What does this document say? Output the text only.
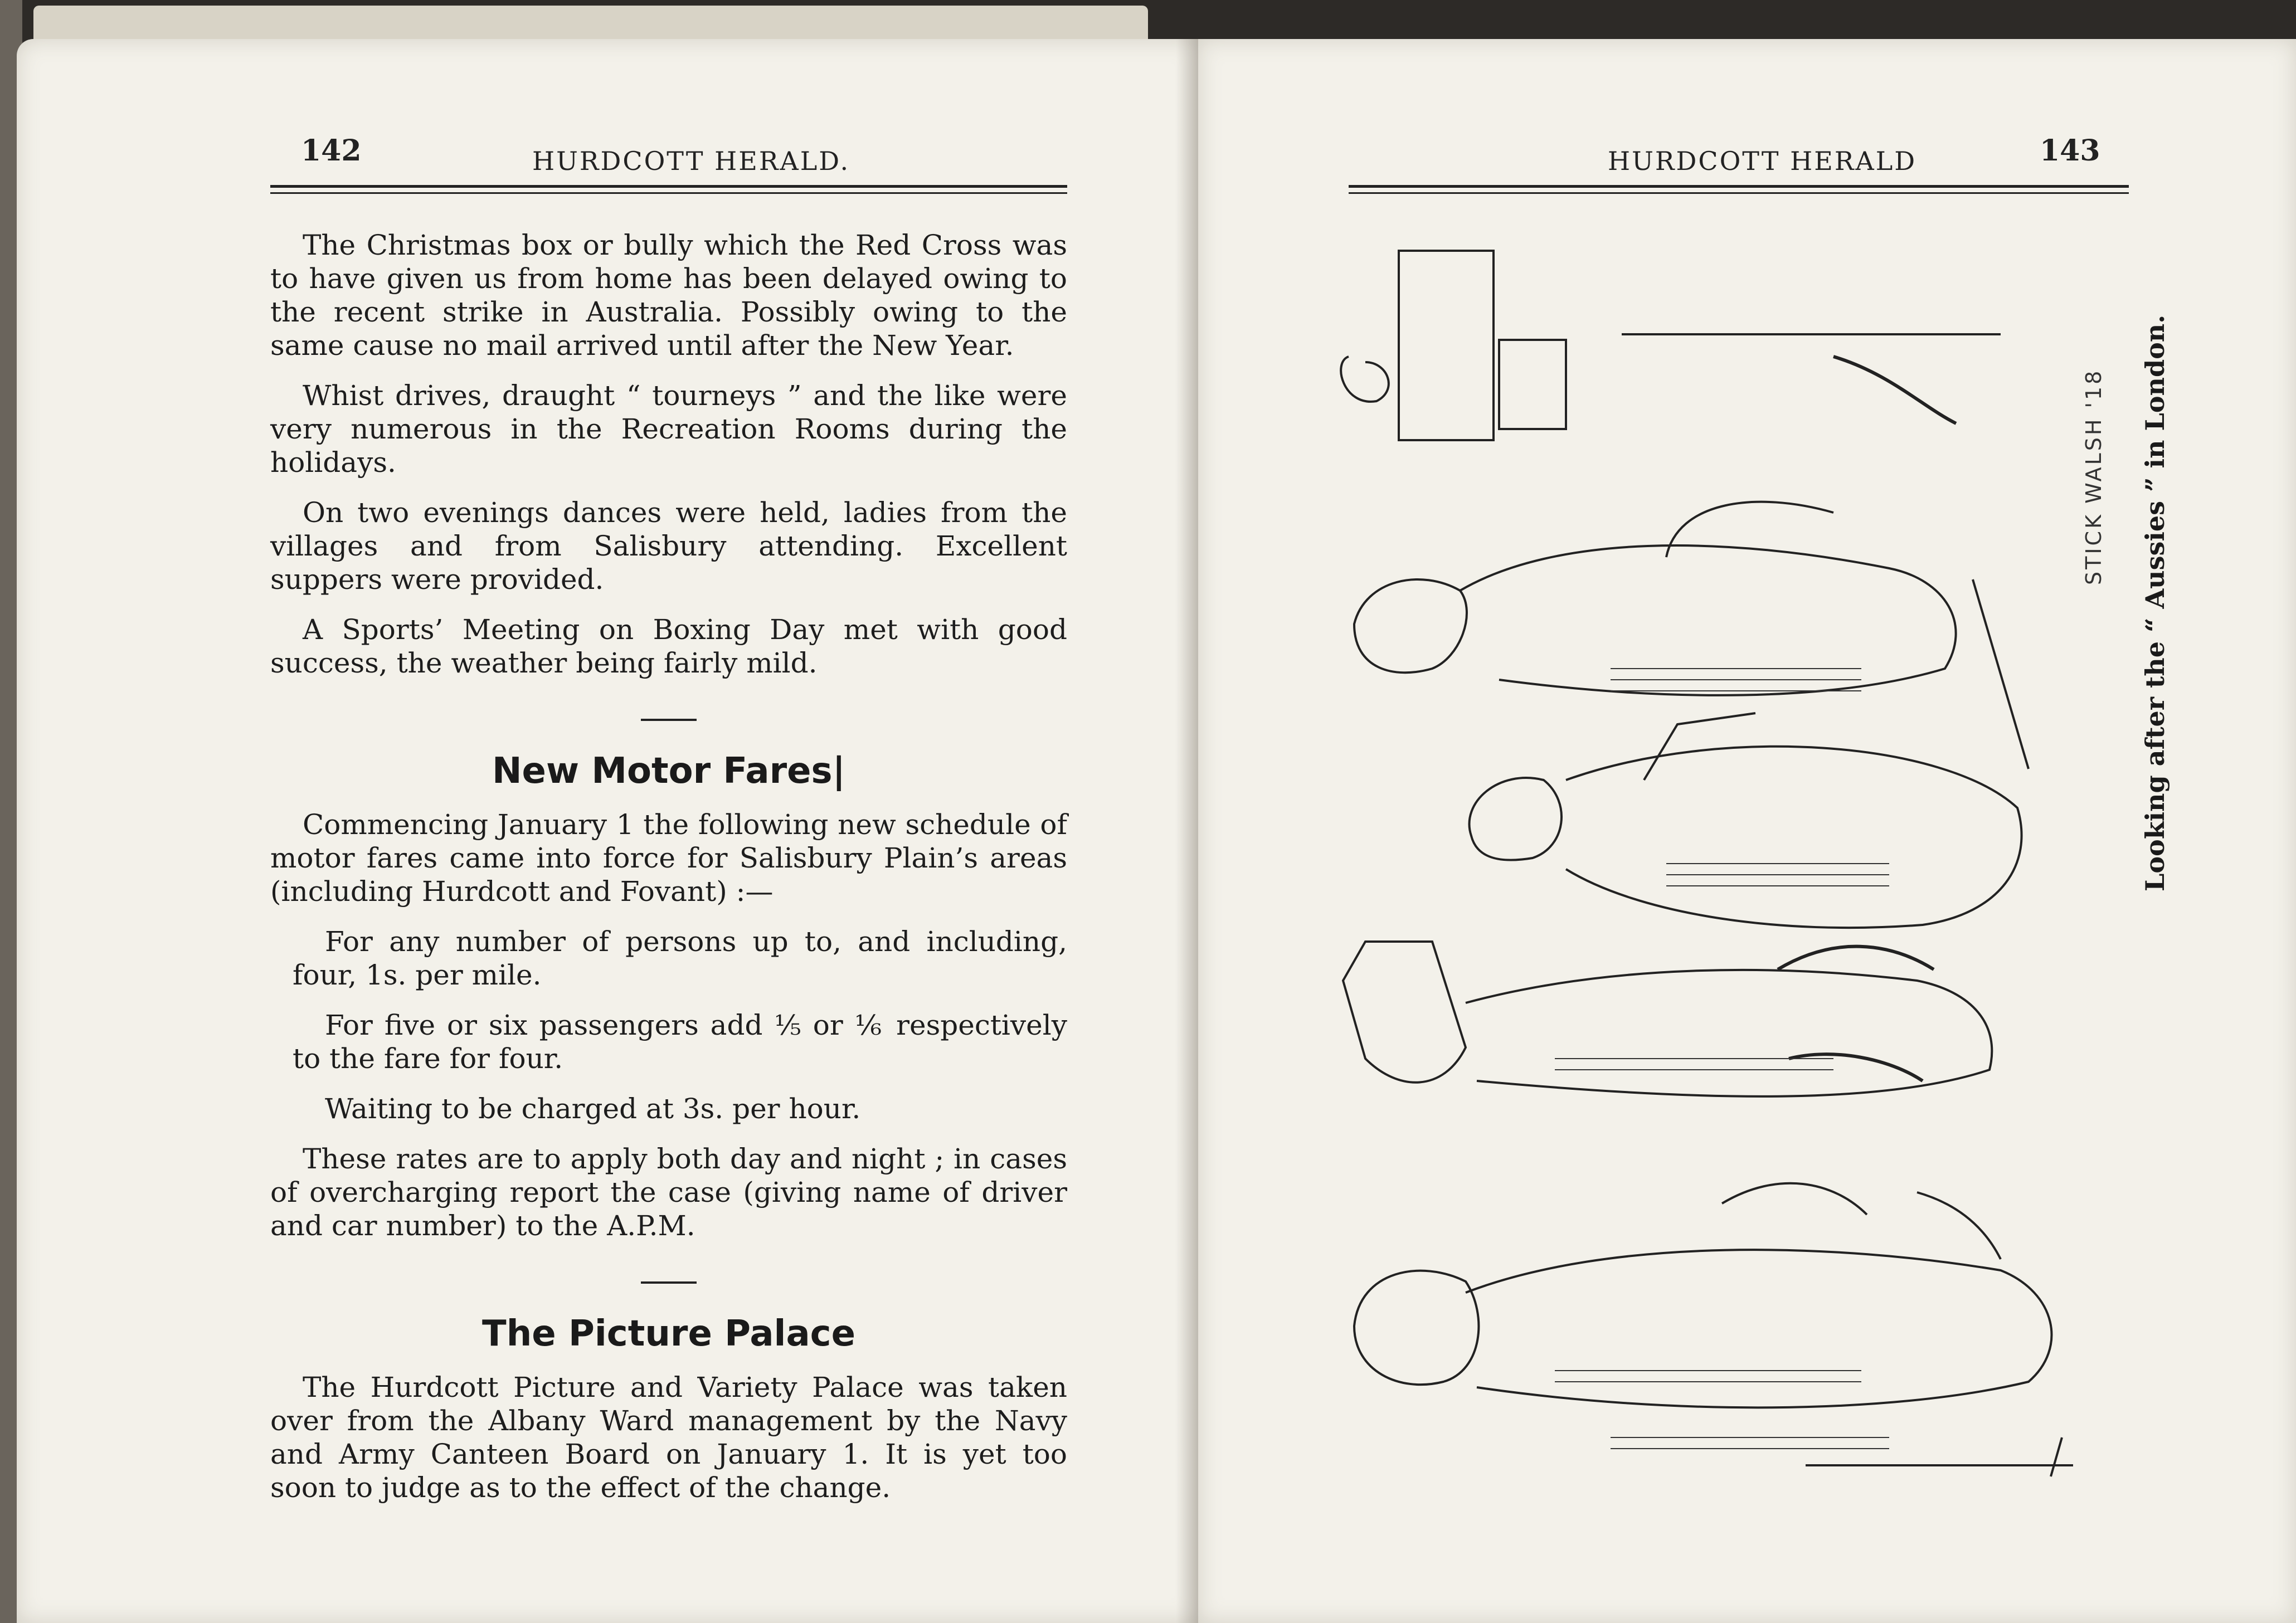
142	HURDCOTT HERALD.

The Christmas box or bully which the Red Cross was to have given us from home has been delayed owing to the recent strike in Australia. Possibly owing to the same cause no mail arrived until after the New Year.

Whist drives, draught “ tourneys ” and the like were very numerous in the Recreation Rooms during the holidays.

On two evenings dances were held, ladies from the villages and from Salisbury attending. Excellent suppers were provided.

A Sports’ Meeting on Boxing Day met with good success, the weather being fairly mild.

New Motor Fares|

Commencing January 1 the following new schedule of motor fares came into force for Salisbury Plain’s areas (including Hurdcott and Fovant) :—

For any number of persons up to, and including, four, 1s. per mile.

For five or six passengers add ⅕ or ⅙ respectively to the fare for four.

Waiting to be charged at 3s. per hour.

These rates are to apply both day and night ; in cases of overcharging report the case (giving name of driver and car number) to the A.P.M.

The Picture Palace

The Hurdcott Picture and Variety Palace was taken over from the Albany Ward management by the Navy and Army Canteen Board on January 1. It is yet too soon to judge as to the effect of the change.

HURDCOTT HERALD	143
STICK WALSH '18 Looking after the “ Aussies ” in London.
